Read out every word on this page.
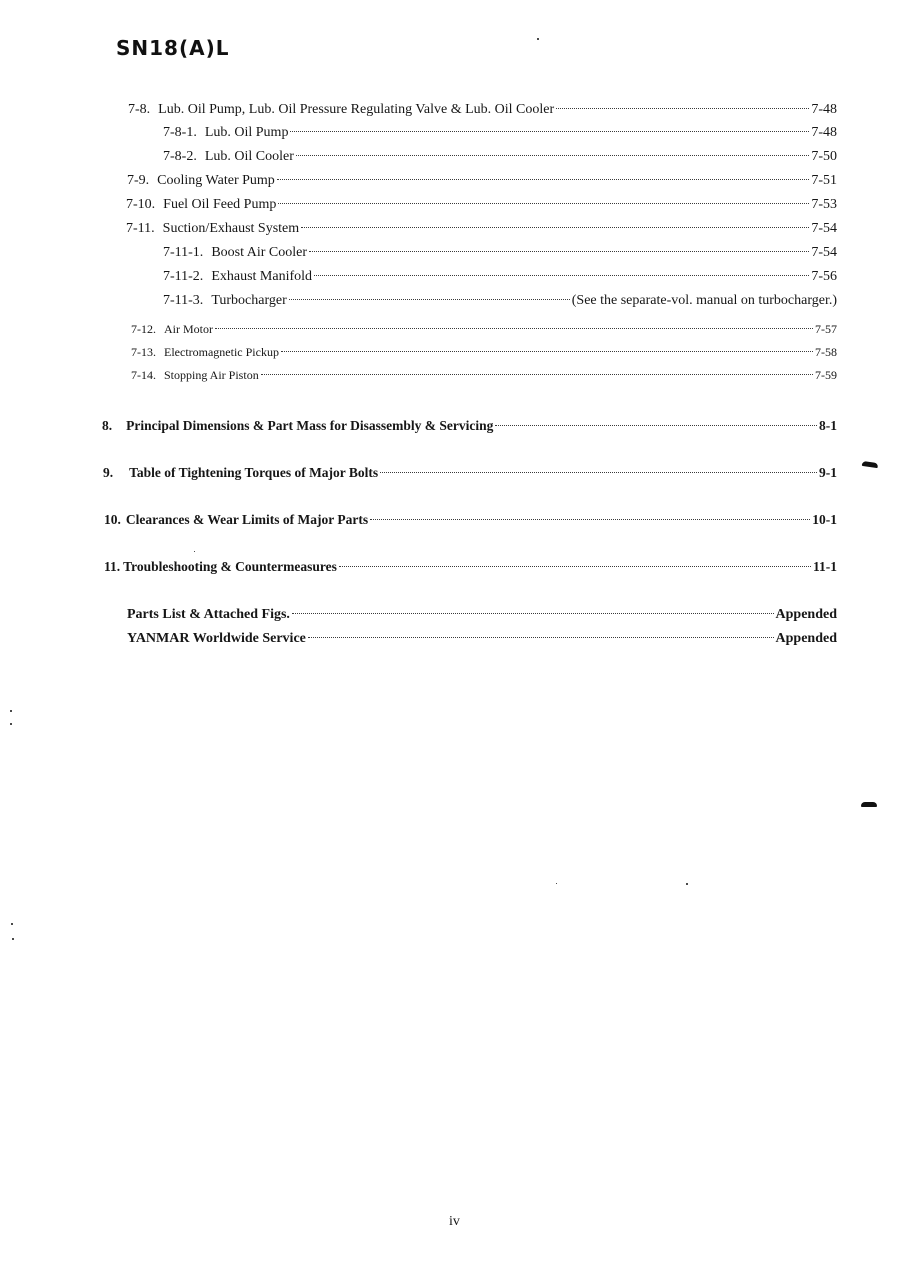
SN18(A)L
7-8. Lub. Oil Pump, Lub. Oil Pressure Regulating Valve & Lub. Oil Cooler	7-48
7-8-1. Lub. Oil Pump	7-48
7-8-2. Lub. Oil Cooler	7-50
7-9. Cooling Water Pump	7-51
7-10. Fuel Oil Feed Pump	7-53
7-11. Suction/Exhaust System	7-54
7-11-1. Boost Air Cooler	7-54
7-11-2. Exhaust Manifold	7-56
7-11-3. Turbocharger	(See the separate-vol. manual on turbocharger.)
7-12. Air Motor	7-57
7-13. Electromagnetic Pickup	7-58
7-14. Stopping Air Piston	7-59
8. Principal Dimensions & Part Mass for Disassembly & Servicing	8-1
9. Table of Tightening Torques of Major Bolts	9-1
10. Clearances & Wear Limits of Major Parts	10-1
11. Troubleshooting & Countermeasures	11-1
Parts List & Attached Figs.	Appended
YANMAR Worldwide Service	Appended
iv
